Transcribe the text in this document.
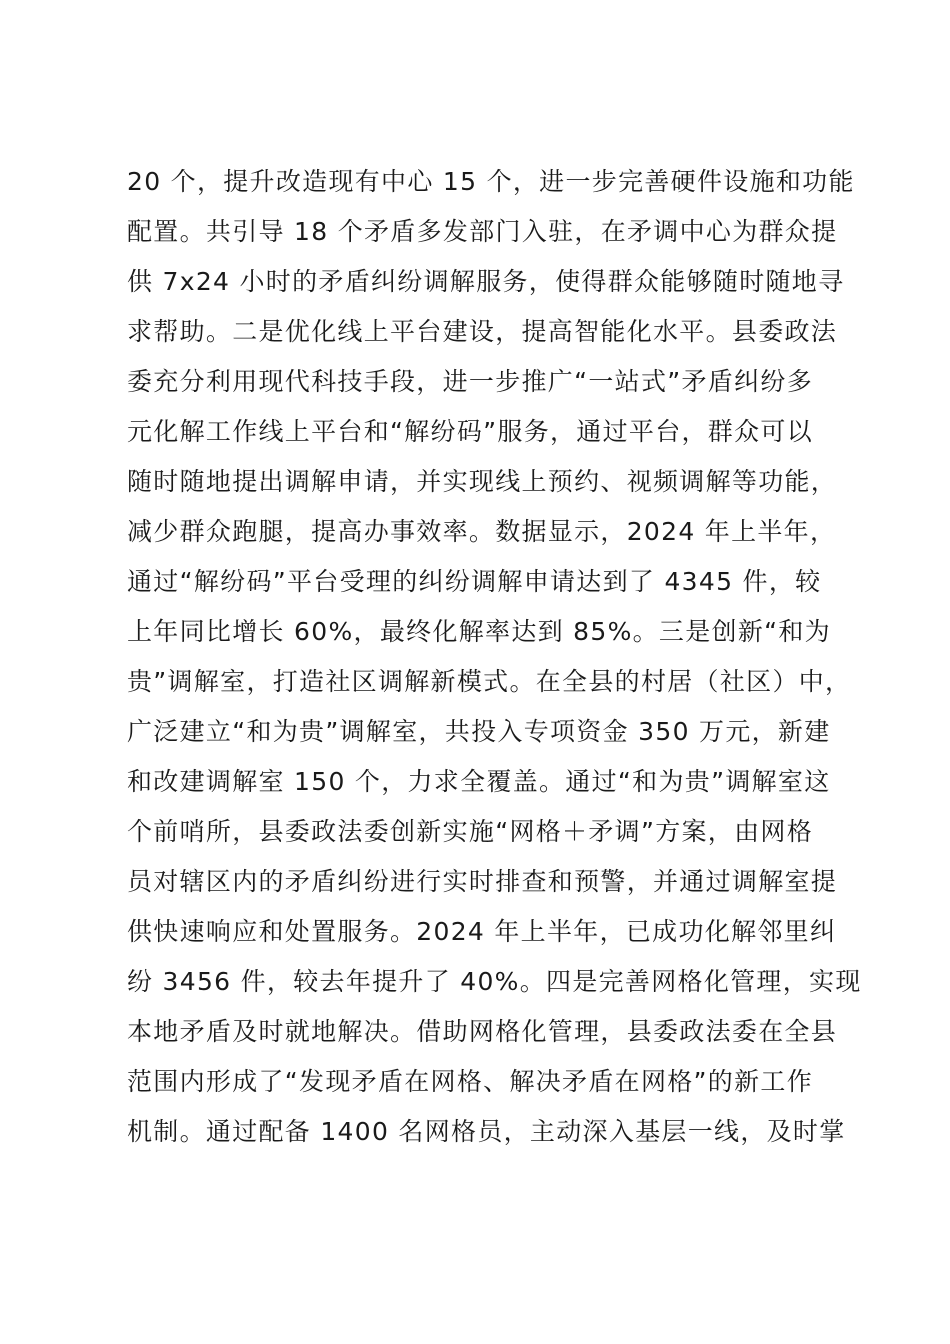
20 个，提升改造现有中心 15 个，进一步完善硬件设施和功能
配置。共引导 18 个矛盾多发部门入驻，在矛调中心为群众提
供 7x24 小时的矛盾纠纷调解服务，使得群众能够随时随地寻
求帮助。二是优化线上平台建设，提高智能化水平。县委政法
委充分利用现代科技手段，进一步推广“一站式”矛盾纠纷多
元化解工作线上平台和“解纷码”服务，通过平台，群众可以
随时随地提出调解申请，并实现线上预约、视频调解等功能，
减少群众跑腿，提高办事效率。数据显示，2024 年上半年，
通过“解纷码”平台受理的纠纷调解申请达到了 4345 件，较
上年同比增长 60%，最终化解率达到 85%。三是创新“和为
贵”调解室，打造社区调解新模式。在全县的村居（社区）中，
广泛建立“和为贵”调解室，共投入专项资金 350 万元，新建
和改建调解室 150 个，力求全覆盖。通过“和为贵”调解室这
个前哨所，县委政法委创新实施“网格＋矛调”方案，由网格
员对辖区内的矛盾纠纷进行实时排查和预警，并通过调解室提
供快速响应和处置服务。2024 年上半年，已成功化解邻里纠
纷 3456 件，较去年提升了 40%。四是完善网格化管理，实现
本地矛盾及时就地解决。借助网格化管理，县委政法委在全县
范围内形成了“发现矛盾在网格、解决矛盾在网格”的新工作
机制。通过配备 1400 名网格员，主动深入基层一线，及时掌
